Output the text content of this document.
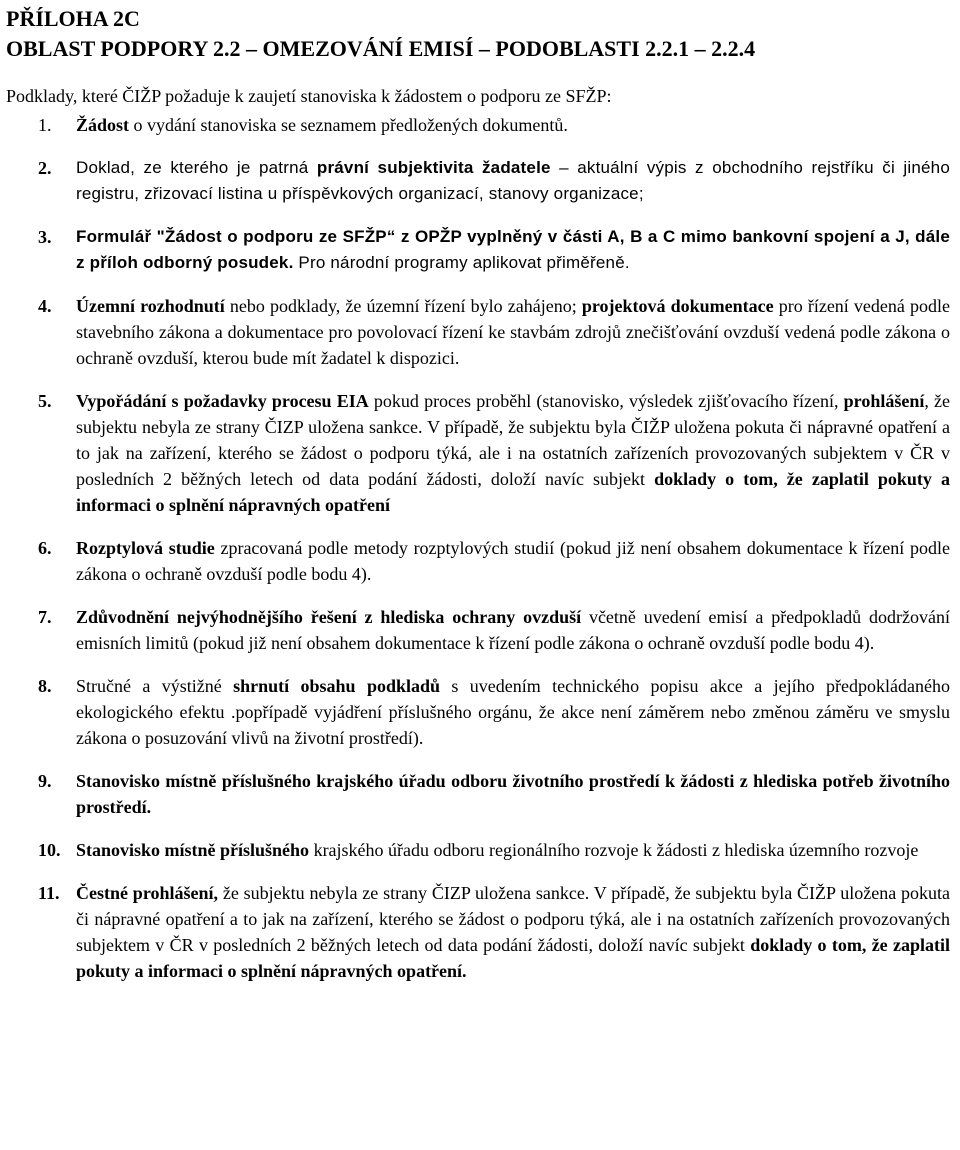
PŘÍLOHA 2C
OBLAST PODPORY 2.2 – OMEZOVÁNÍ EMISÍ – PODOBLASTI 2.2.1 – 2.2.4

Podklady, které ČIŽP požaduje k zaujetí stanoviska k žádostem o podporu ze SFŽP:

1.	Žádost o vydání stanoviska se seznamem předložených dokumentů.
2.	Doklad, ze kterého je patrná právní subjektivita žadatele – aktuální výpis z obchodního rejstříku či jiného registru, zřizovací listina u příspěvkových organizací, stanovy organizace;
3.	Formulář "Žádost o podporu ze SFŽP“ z OPŽP vyplněný v části A, B a C mimo bankovní spojení a J, dále z příloh odborný posudek. Pro národní programy aplikovat přiměřeně.
4.	Územní rozhodnutí nebo podklady, že územní řízení bylo zahájeno; projektová dokumentace pro řízení vedená podle stavebního zákona a dokumentace pro povolovací řízení ke stavbám zdrojů znečišťování ovzduší vedená podle zákona o ochraně ovzduší, kterou bude mít žadatel k dispozici.
5.	Vypořádání s požadavky procesu EIA pokud proces proběhl (stanovisko, výsledek zjišťovacího řízení, prohlášení, že subjektu nebyla ze strany ČIZP uložena sankce. V případě, že subjektu byla ČIŽP uložena pokuta či nápravné opatření a to jak na zařízení, kterého se žádost o podporu týká, ale i na ostatních zařízeních provozovaných subjektem v ČR v posledních 2 běžných letech od data podání žádosti, doloží navíc subjekt doklady o tom, že zaplatil pokuty a informaci o splnění nápravných opatření
6.	Rozptylová studie zpracovaná podle metody rozptylových studií (pokud již není obsahem dokumentace k řízení podle zákona o ochraně ovzduší podle bodu 4).
7.	Zdůvodnění nejvýhodnějšího řešení z hlediska ochrany ovzduší včetně uvedení emisí a předpokladů dodržování emisních limitů (pokud již není obsahem dokumentace k řízení podle zákona o ochraně ovzduší podle bodu 4).
8.	Stručné a výstižné shrnutí obsahu podkladů s uvedením technického popisu akce a jejího předpokládaného ekologického efektu .popřípadě vyjádření příslušného orgánu, že akce není záměrem nebo změnou záměru ve smyslu zákona o posuzování vlivů na životní prostředí).
9.	Stanovisko místně příslušného krajského úřadu odboru životního prostředí k žádosti z hlediska potřeb životního prostředí.
10. Stanovisko místně příslušného krajského úřadu odboru regionálního rozvoje k žádosti z hlediska územního rozvoje
11. Čestné prohlášení, že subjektu nebyla ze strany ČIZP uložena sankce. V případě, že subjektu byla ČIŽP uložena pokuta či nápravné opatření a to jak na zařízení, kterého se žádost o podporu týká, ale i na ostatních zařízeních provozovaných subjektem v ČR v posledních 2 běžných letech od data podání žádosti, doloží navíc subjekt doklady o tom, že zaplatil pokuty a informaci o splnění nápravných opatření.
